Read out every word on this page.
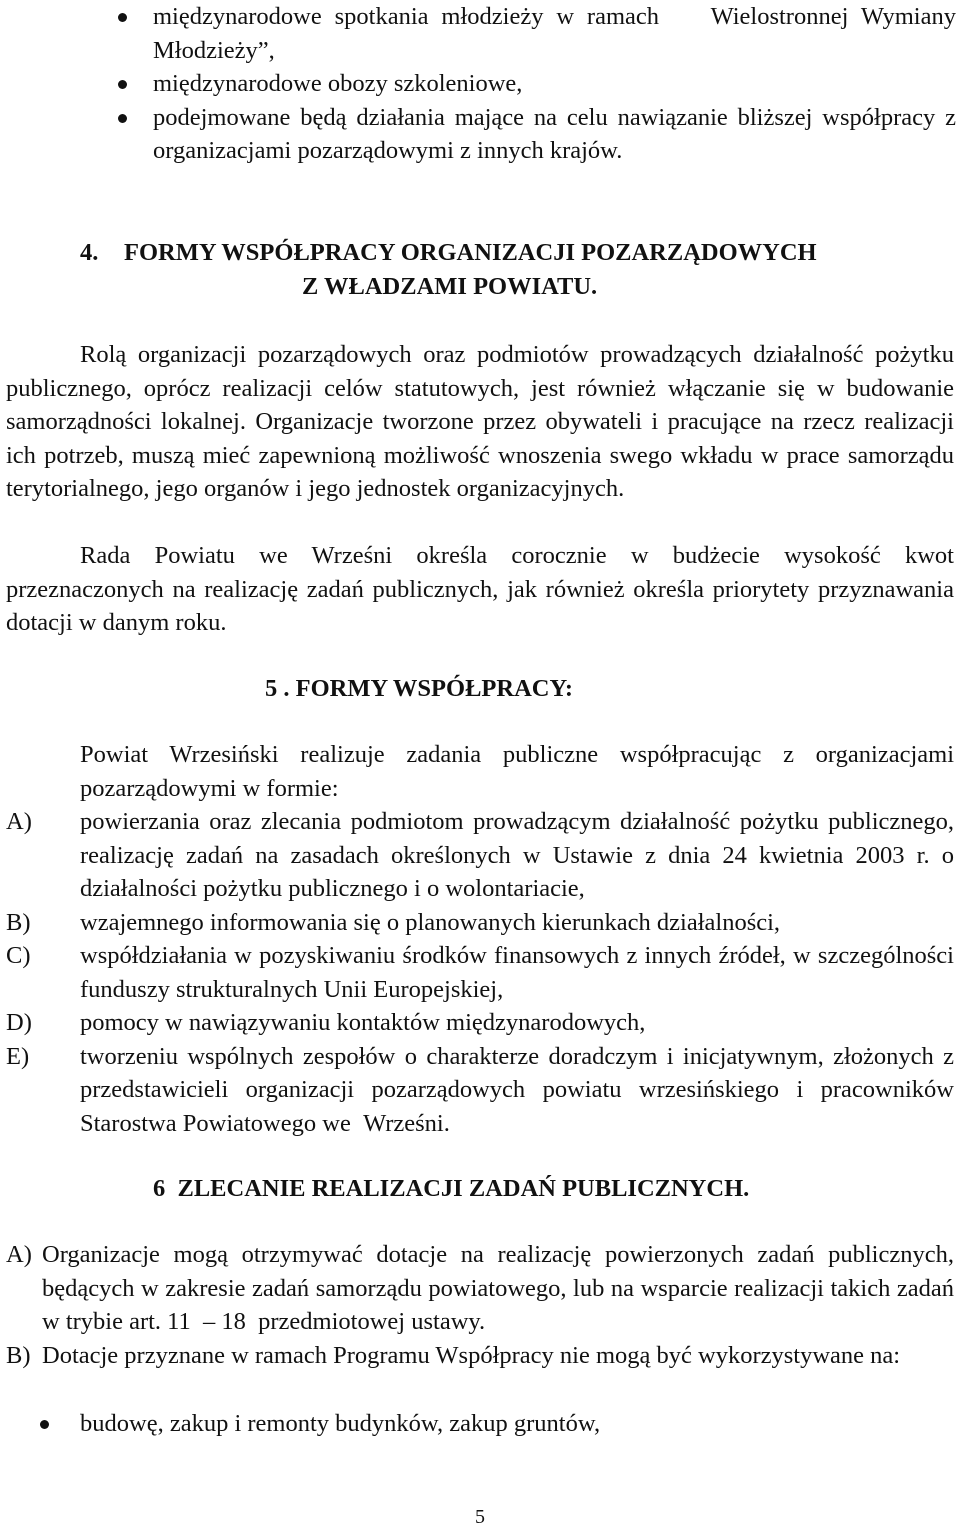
międzynarodowe spotkania młodzieży w ramach    Wielostronnej Wymiany Młodzieży”,
międzynarodowe obozy szkoleniowe,
podejmowane będą działania mające na celu nawiązanie bliższej współpracy z organizacjami pozarządowymi z innych krajów.
4. FORMY WSPÓŁPRACY ORGANIZACJI POZARZĄDOWYCH
Z WŁADZAMI POWIATU.

Rolą organizacji pozarządowych oraz podmiotów prowadzących działalność pożytku publicznego, oprócz realizacji celów statutowych, jest również włączanie się w budowanie samorządności lokalnej. Organizacje tworzone przez obywateli i pracujące na rzecz realizacji ich potrzeb, muszą mieć zapewnioną możliwość wnoszenia swego wkładu w prace samorządu terytorialnego, jego organów i jego jednostek organizacyjnych.

Rada Powiatu we Wrześni określa corocznie w budżecie wysokość kwot przeznaczonych na realizację zadań publicznych, jak również określa priorytety przyznawania dotacji w danym roku.

5 . FORMY WSPÓŁPRACY:

Powiat Wrzesiński realizuje zadania publiczne współpracując z organizacjami pozarządowymi w formie:

A) powierzania oraz zlecania podmiotom prowadzącym działalność pożytku publicznego, realizację zadań na zasadach określonych w Ustawie z dnia 24 kwietnia 2003 r. o działalności pożytku publicznego i o wolontariacie,
B) wzajemnego informowania się o planowanych kierunkach działalności,
C) współdziałania w pozyskiwaniu środków finansowych z innych źródeł, w szczególności funduszy strukturalnych Unii Europejskiej,
D) pomocy w nawiązywaniu kontaktów międzynarodowych,
E) tworzeniu wspólnych zespołów o charakterze doradczym i inicjatywnym, złożonych z przedstawicieli organizacji pozarządowych powiatu wrzesińskiego i pracowników Starostwa Powiatowego we  Wrześni.
6  ZLECANIE REALIZACJI ZADAŃ PUBLICZNYCH.
A) Organizacje mogą otrzymywać dotacje na realizację powierzonych zadań publicznych, będących w zakresie zadań samorządu powiatowego, lub na wsparcie realizacji takich zadań w trybie art. 11  – 18  przedmiotowej ustawy.
B) Dotacje przyznane w ramach Programu Współpracy nie mogą być wykorzystywane na:
budowę, zakup i remonty budynków, zakup gruntów,
5
